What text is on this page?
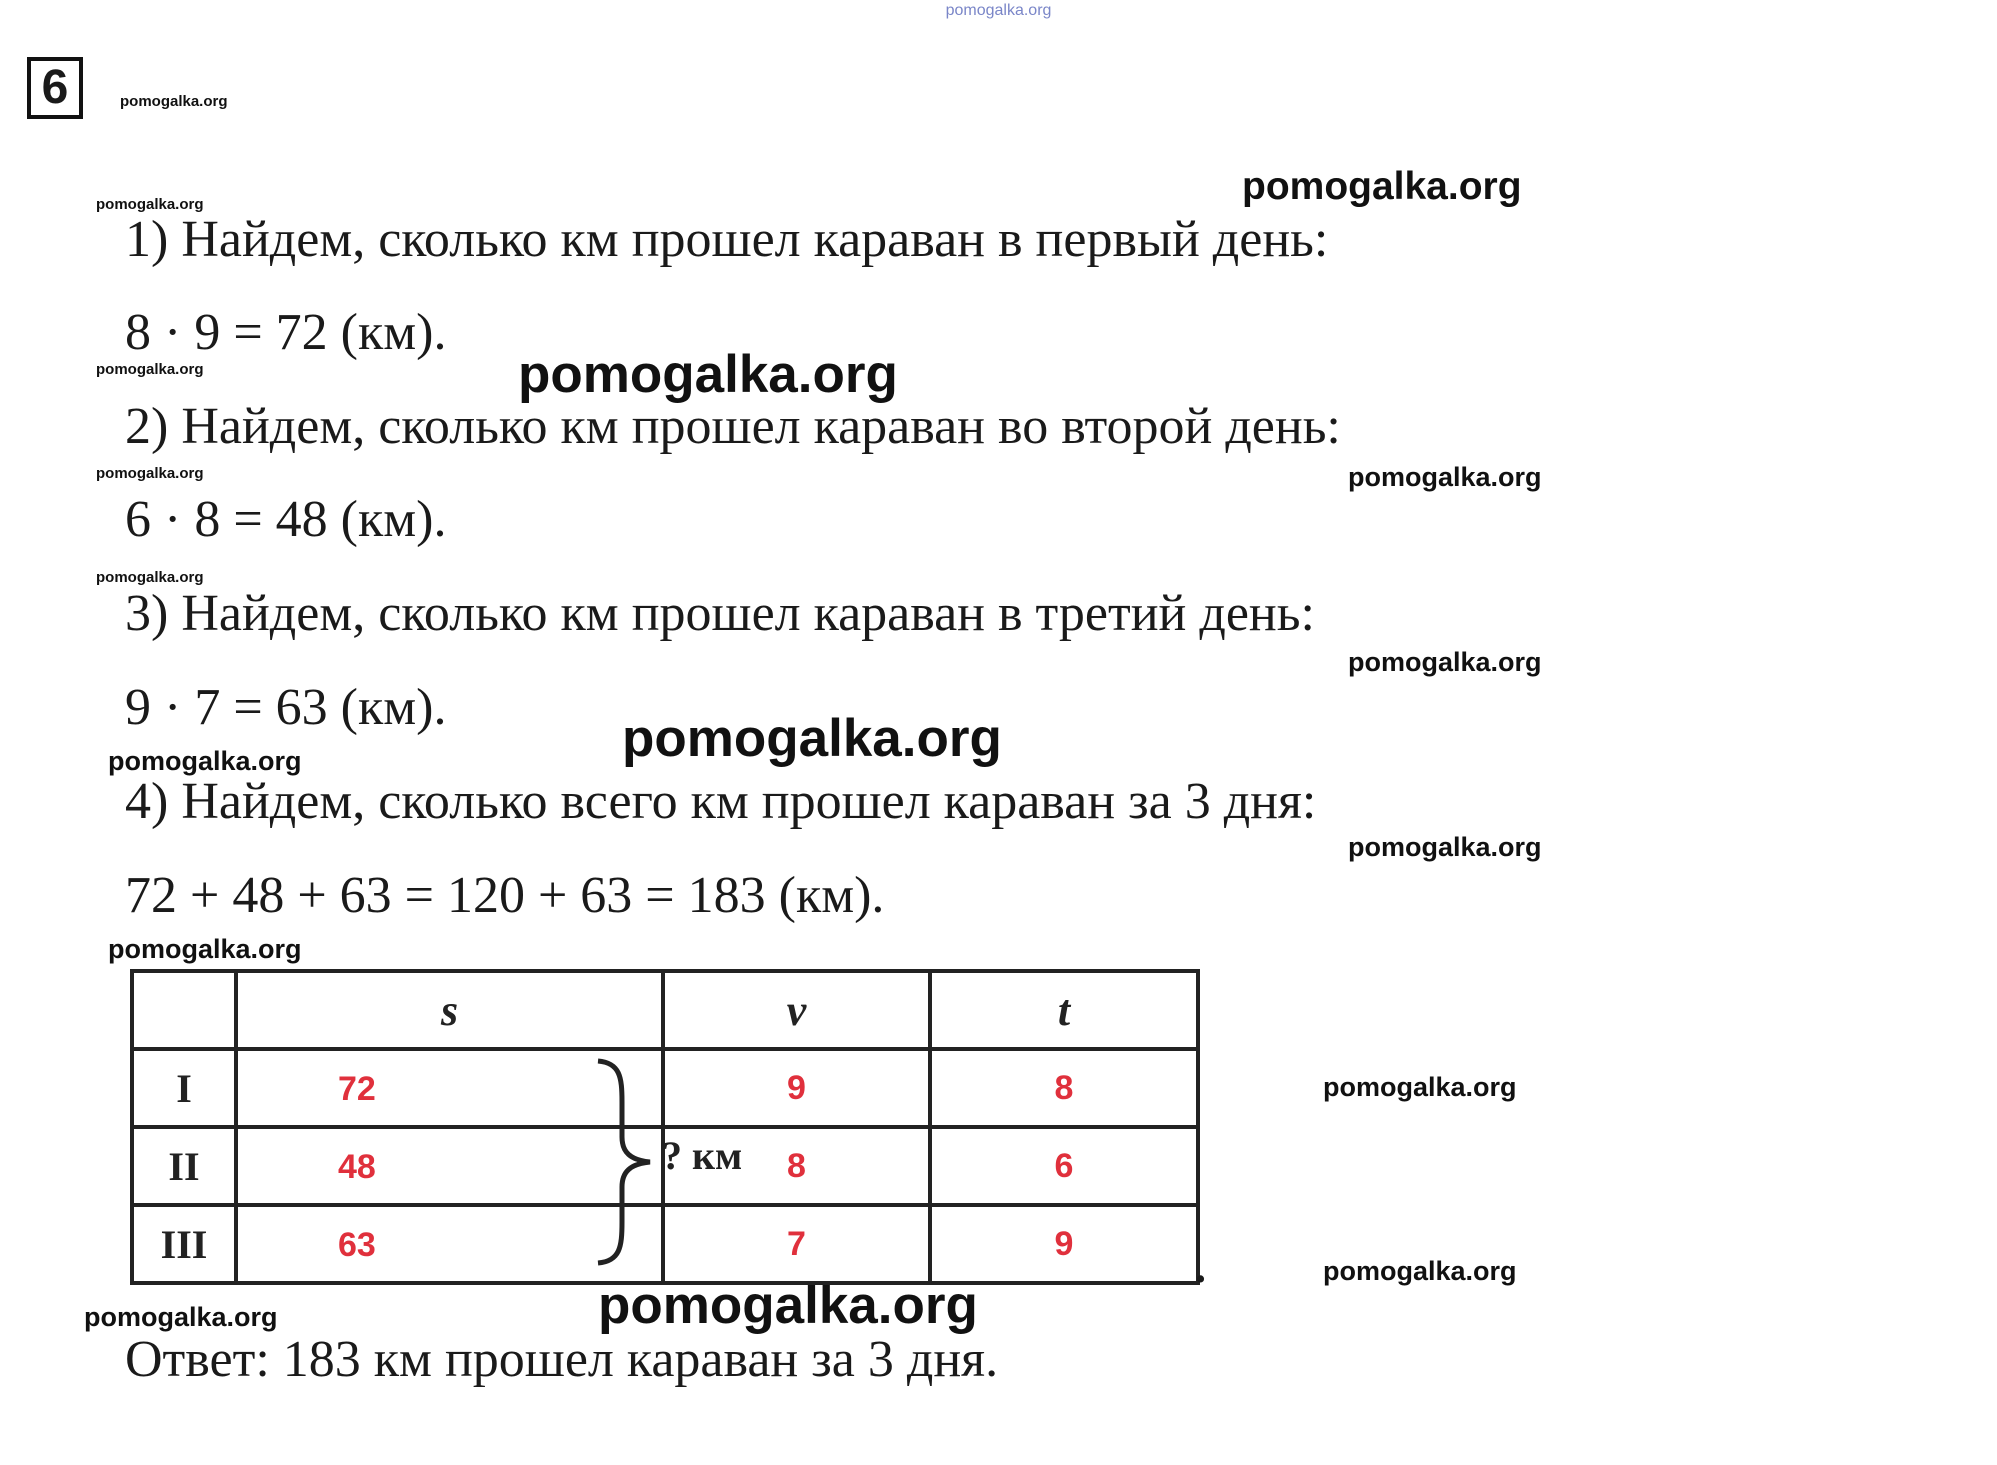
pomogalka.org
6	pomogalka.org
pomogalka.org
pomogalka.org
pomogalka.org
pomogalka.org
pomogalka.org
pomogalka.org
pomogalka.org
pomogalka.org
pomogalka.org
pomogalka.org
pomogalka.org
pomogalka.org
pomogalka.org
pomogalka.org
pomogalka.org
pomogalka.org
1) Найдем, сколько км прошел караван в первый день:
8 · 9 = 72 (км).
2) Найдем, сколько км прошел караван во второй день:
6 · 8 = 48 (км).
3) Найдем, сколько км прошел караван в третий день:
9 · 7 = 63 (км).
4) Найдем, сколько всего км прошел караван за 3 дня:
72 + 48 + 63 = 120 + 63 = 183 (км).
	s	v	t
I	72	9	8
II	48	8	6
III	63	7	9
? км
.
Ответ: 183 км прошел караван за 3 дня.
